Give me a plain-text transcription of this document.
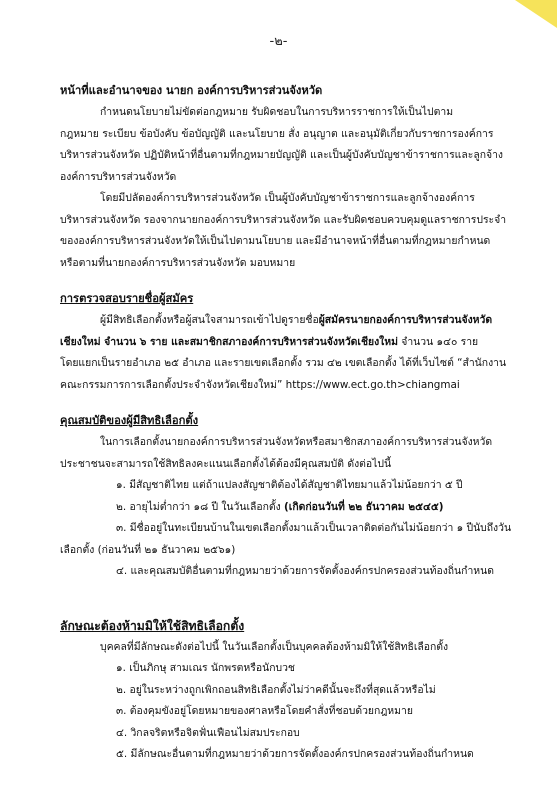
-๒-
หน้าที่และอำนาจของ นายก องค์การบริหารส่วนจังหวัด
กำหนดนโยบายไม่ขัดต่อกฎหมาย รับผิดชอบในการบริหารราชการให้เป็นไปตาม
กฎหมาย ระเบียบ ข้อบังคับ ข้อบัญญัติ และนโยบาย สั่ง อนุญาต และอนุมัติเกี่ยวกับราชการองค์การ
บริหารส่วนจังหวัด ปฏิบัติหน้าที่อื่นตามที่กฎหมายบัญญัติ และเป็นผู้บังคับบัญชาข้าราชการและลูกจ้าง
องค์การบริหารส่วนจังหวัด
โดยมีปลัดองค์การบริหารส่วนจังหวัด เป็นผู้บังคับบัญชาข้าราชการและลูกจ้างองค์การ
บริหารส่วนจังหวัด รองจากนายกองค์การบริหารส่วนจังหวัด และรับผิดชอบควบคุมดูแลราชการประจำ
ขององค์การบริหารส่วนจังหวัดให้เป็นไปตามนโยบาย และมีอำนาจหน้าที่อื่นตามที่กฎหมายกำหนด
หรือตามที่นายกองค์การบริหารส่วนจังหวัด มอบหมาย
การตรวจสอบรายชื่อผู้สมัคร
ผู้มีสิทธิเลือกตั้งหรือผู้สนใจสามารถเข้าไปดูรายชื่อผู้สมัครนายกองค์การบริหารส่วนจังหวัด
เชียงใหม่ จำนวน ๖ ราย และสมาชิกสภาองค์การบริหารส่วนจังหวัดเชียงใหม่ จำนวน ๑๔๐ ราย
โดยแยกเป็นรายอำเภอ ๒๕ อำเภอ และรายเขตเลือกตั้ง รวม ๔๒ เขตเลือกตั้ง ได้ที่เว็บไซต์ “สำนักงาน
คณะกรรมการการเลือกตั้งประจำจังหวัดเชียงใหม่” https://www.ect.go.th>chiangmai
คุณสมบัติของผู้มีสิทธิเลือกตั้ง
ในการเลือกตั้งนายกองค์การบริหารส่วนจังหวัดหรือสมาชิกสภาองค์การบริหารส่วนจังหวัด
ประชาชนจะสามารถใช้สิทธิลงคะแนนเลือกตั้งได้ต้องมีคุณสมบัติ ดังต่อไปนี้
๑. มีสัญชาติไทย แต่ถ้าแปลงสัญชาติต้องได้สัญชาติไทยมาแล้วไม่น้อยกว่า ๕ ปี
๒. อายุไม่ต่ำกว่า ๑๘ ปี ในวันเลือกตั้ง (เกิดก่อนวันที่ ๒๒ ธันวาคม ๒๕๔๕)
๓. มีชื่ออยู่ในทะเบียนบ้านในเขตเลือกตั้งมาแล้วเป็นเวลาติดต่อกันไม่น้อยกว่า ๑ ปีนับถึงวัน
เลือกตั้ง (ก่อนวันที่ ๒๑ ธันวาคม ๒๕๖๑)
๔. และคุณสมบัติอื่นตามที่กฎหมายว่าด้วยการจัดตั้งองค์กรปกครองส่วนท้องถิ่นกำหนด
ลักษณะต้องห้ามมิให้ใช้สิทธิเลือกตั้ง
บุคคลที่มีลักษณะดังต่อไปนี้ ในวันเลือกตั้งเป็นบุคคลต้องห้ามมิให้ใช้สิทธิเลือกตั้ง
๑. เป็นภิกษุ สามเณร นักพรตหรือนักบวช
๒. อยู่ในระหว่างถูกเพิกถอนสิทธิเลือกตั้งไม่ว่าคดีนั้นจะถึงที่สุดแล้วหรือไม่
๓. ต้องคุมขังอยู่โดยหมายของศาลหรือโดยคำสั่งที่ชอบด้วยกฎหมาย
๔. วิกลจริตหรือจิตฟั่นเฟือนไม่สมประกอบ
๕. มีลักษณะอื่นตามที่กฎหมายว่าด้วยการจัดตั้งองค์กรปกครองส่วนท้องถิ่นกำหนด
